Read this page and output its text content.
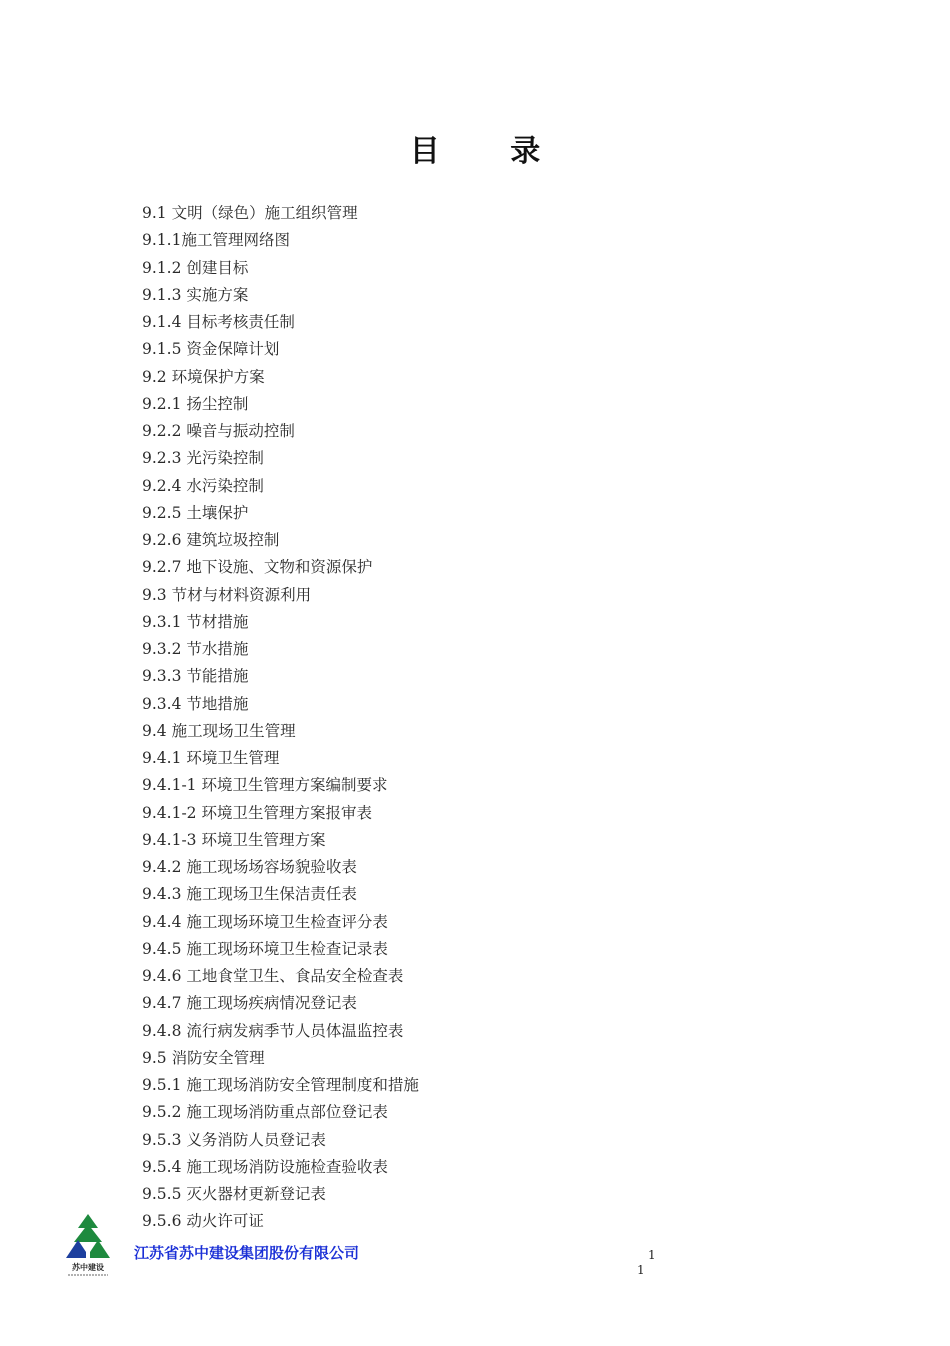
目 录
9.1 文明（绿色）施工组织管理
9.1.1施工管理网络图
9.1.2 创建目标
9.1.3 实施方案
9.1.4 目标考核责任制
9.1.5 资金保障计划
9.2 环境保护方案
9.2.1 扬尘控制
9.2.2 噪音与振动控制
9.2.3 光污染控制
9.2.4 水污染控制
9.2.5 土壤保护
9.2.6 建筑垃圾控制
9.2.7 地下设施、文物和资源保护
9.3 节材与材料资源利用
9.3.1 节材措施
9.3.2 节水措施
9.3.3 节能措施
9.3.4 节地措施
9.4 施工现场卫生管理
9.4.1 环境卫生管理
9.4.1-1 环境卫生管理方案编制要求
9.4.1-2 环境卫生管理方案报审表
9.4.1-3 环境卫生管理方案
9.4.2 施工现场场容场貌验收表
9.4.3 施工现场卫生保洁责任表
9.4.4 施工现场环境卫生检查评分表
9.4.5 施工现场环境卫生检查记录表
9.4.6 工地食堂卫生、食品安全检查表
9.4.7 施工现场疾病情况登记表
9.4.8 流行病发病季节人员体温监控表
9.5 消防安全管理
9.5.1 施工现场消防安全管理制度和措施
9.5.2 施工现场消防重点部位登记表
9.5.3 义务消防人员登记表
9.5.4 施工现场消防设施检查验收表
9.5.5 灭火器材更新登记表
9.5.6 动火许可证
苏中建设
江苏省苏中建设集团股份有限公司	1
1
